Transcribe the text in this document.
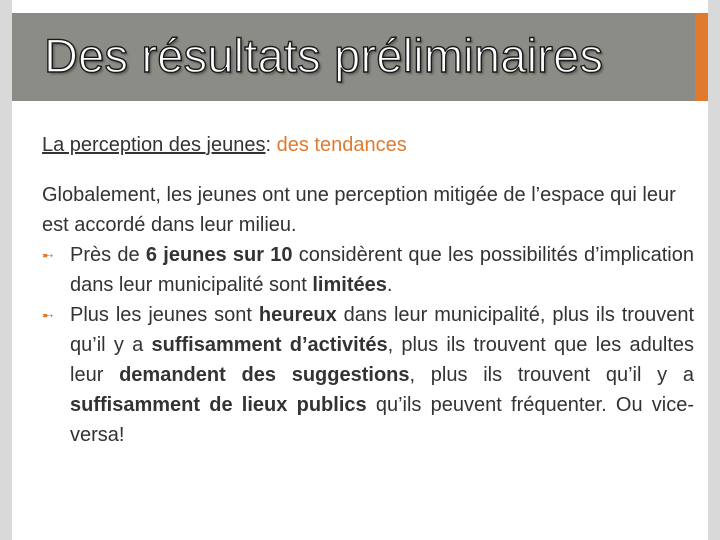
Des résultats préliminaires

La perception des jeunes: des tendances

Globalement, les jeunes ont une perception mitigée de l’espace qui leur est accordé dans leur milieu.

➸ Près de 6 jeunes sur 10 considèrent que les possibilités d’implication dans leur municipalité sont limitées.
➸ Plus les jeunes sont heureux dans leur municipalité, plus ils trouvent qu’il y a suffisamment d’activités, plus ils trouvent que les adultes leur demandent des suggestions, plus ils trouvent qu’il y a suffisamment de lieux publics qu’ils peuvent fréquenter. Ou vice-versa!
